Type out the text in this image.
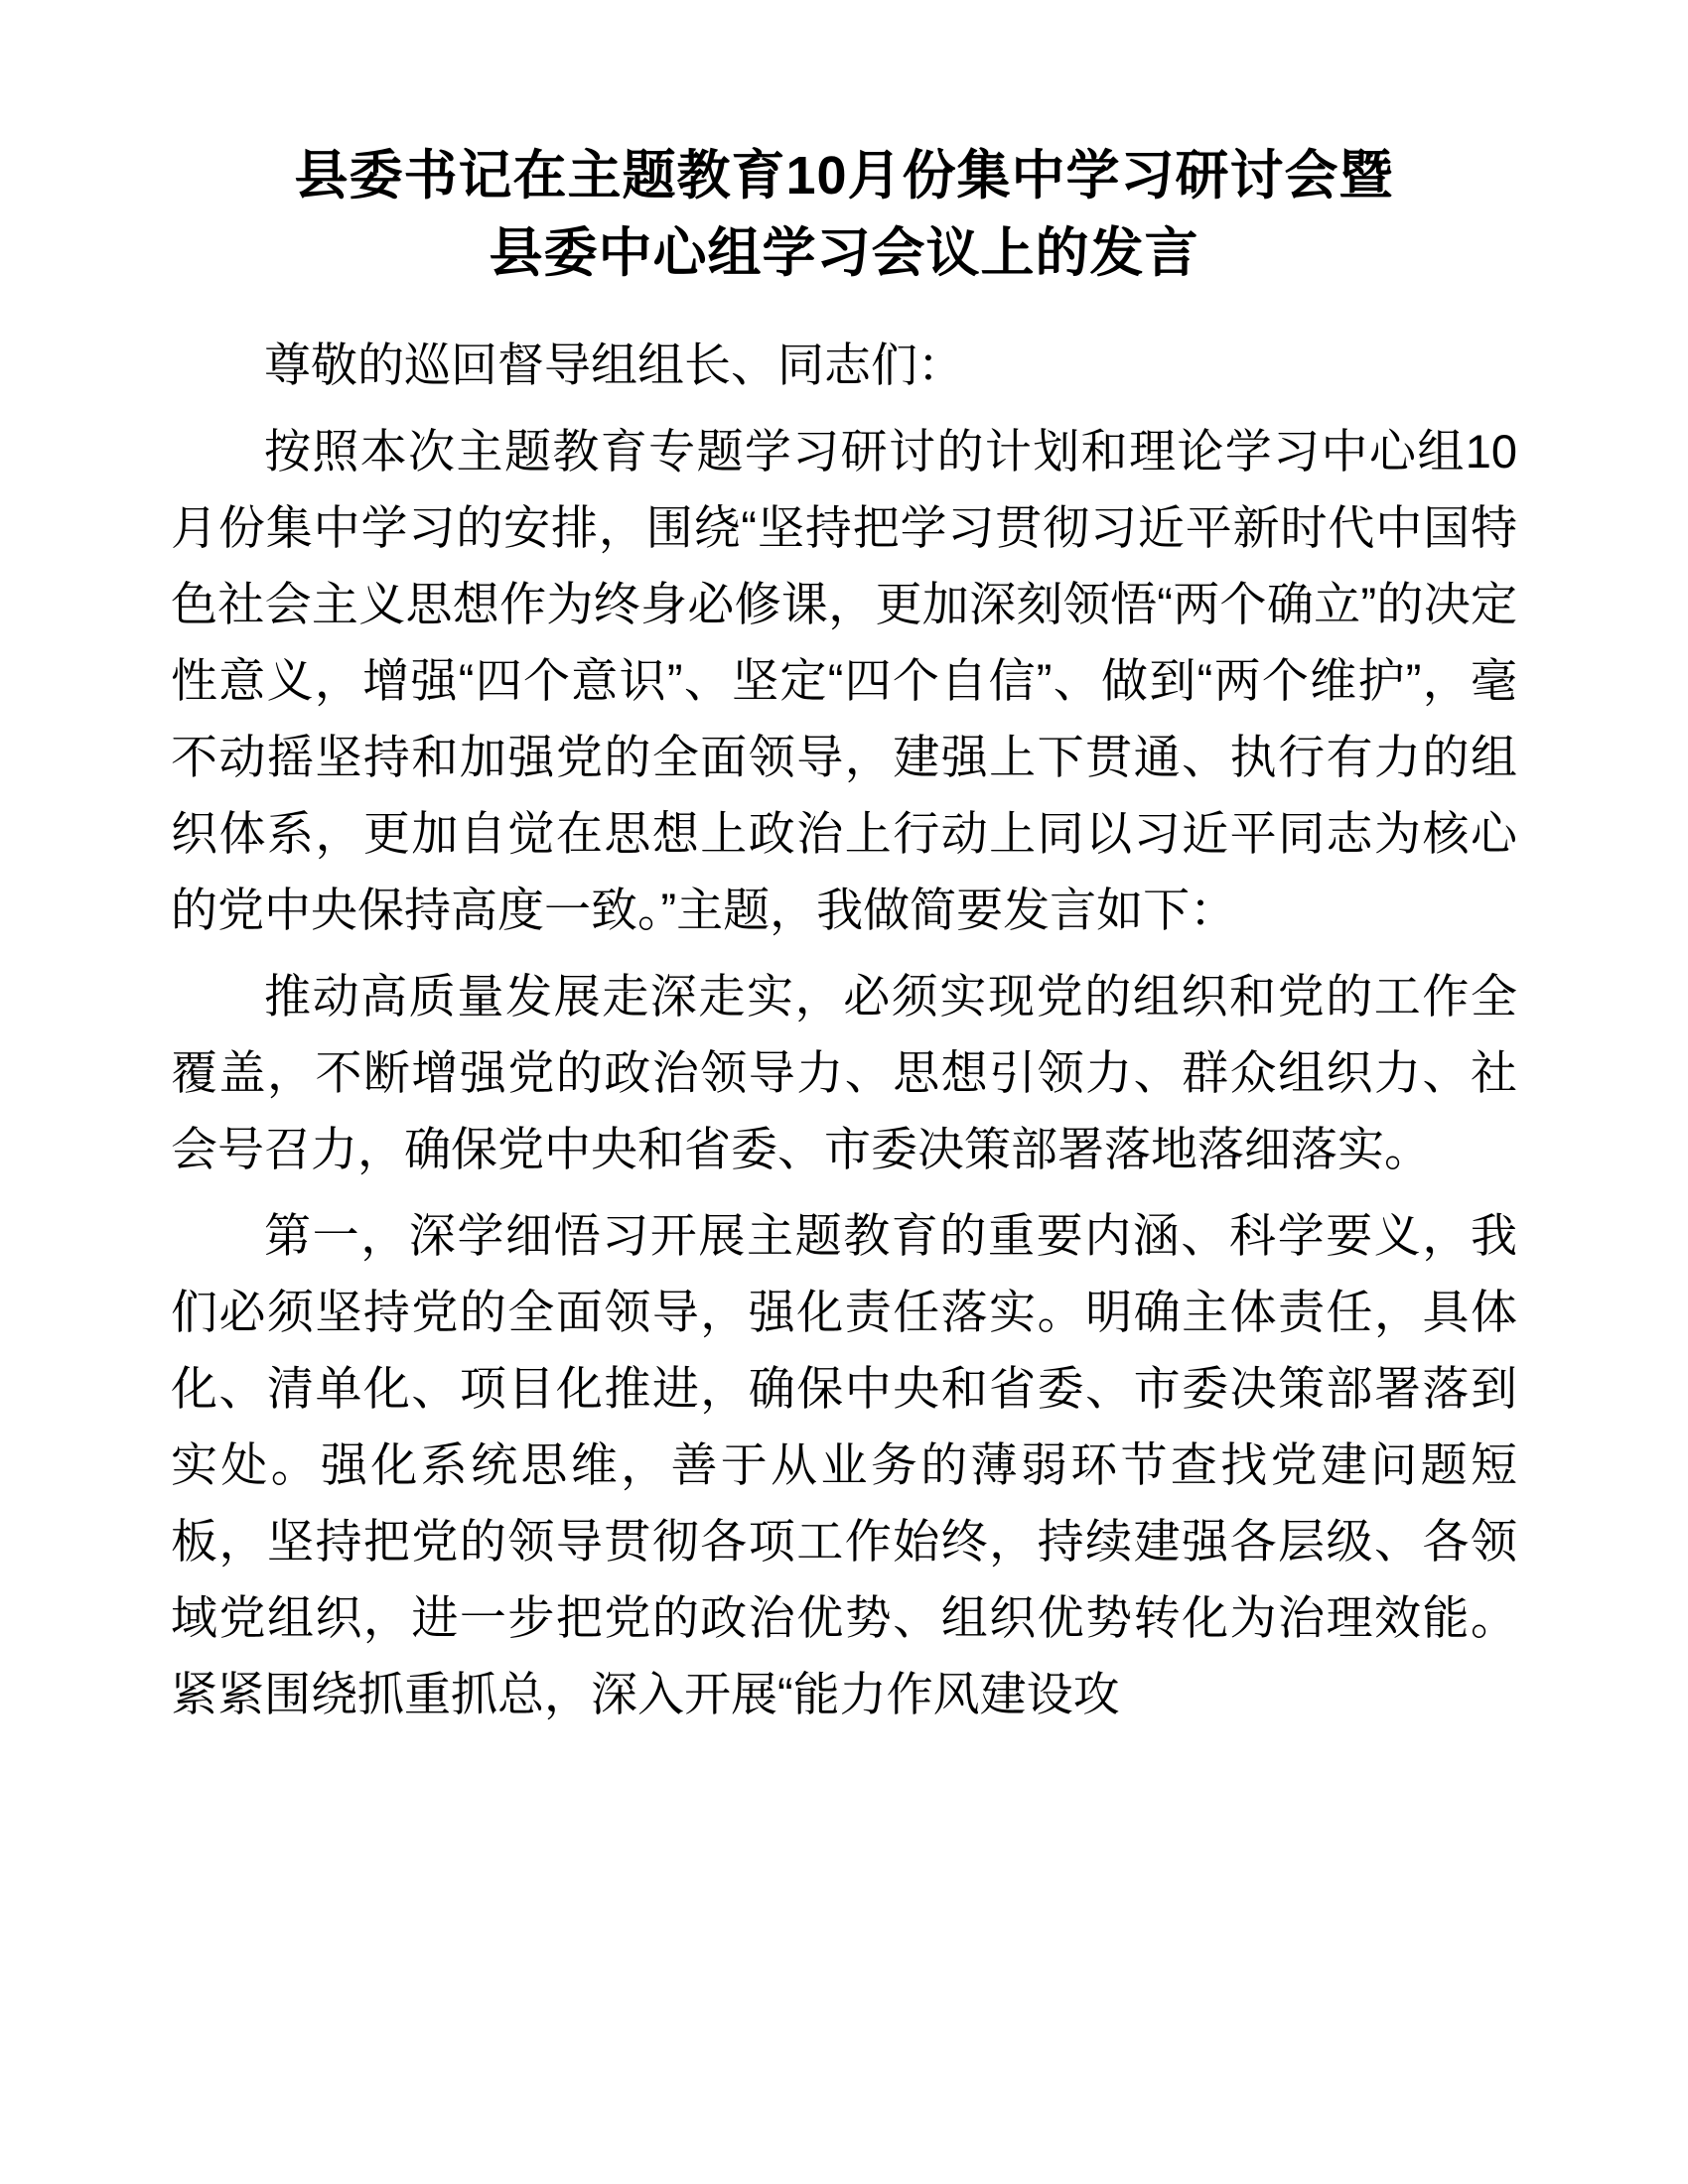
县委书记在主题教育10月份集中学习研讨会暨
县委中心组学习会议上的发言

尊敬的巡回督导组组长、同志们：

按照本次主题教育专题学习研讨的计划和理论学习中心组10月份集中学习的安排，围绕“坚持把学习贯彻习近平新时代中国特色社会主义思想作为终身必修课，更加深刻领悟“两个确立”的决定性意义，增强“四个意识”、坚定“四个自信”、做到“两个维护”，毫不动摇坚持和加强党的全面领导，建强上下贯通、执行有力的组织体系，更加自觉在思想上政治上行动上同以习近平同志为核心的党中央保持高度一致。”主题，我做简要发言如下：

推动高质量发展走深走实，必须实现党的组织和党的工作全覆盖，不断增强党的政治领导力、思想引领力、群众组织力、社会号召力，确保党中央和省委、市委决策部署落地落细落实。

第一，深学细悟习开展主题教育的重要内涵、科学要义，我们必须坚持党的全面领导，强化责任落实。明确主体责任，具体化、清单化、项目化推进，确保中央和省委、市委决策部署落到实处。强化系统思维，善于从业务的薄弱环节查找党建问题短板，坚持把党的领导贯彻各项工作始终，持续建强各层级、各领域党组织，进一步把党的政治优势、组织优势转化为治理效能。紧紧围绕抓重抓总，深入开展“能力作风建设攻
